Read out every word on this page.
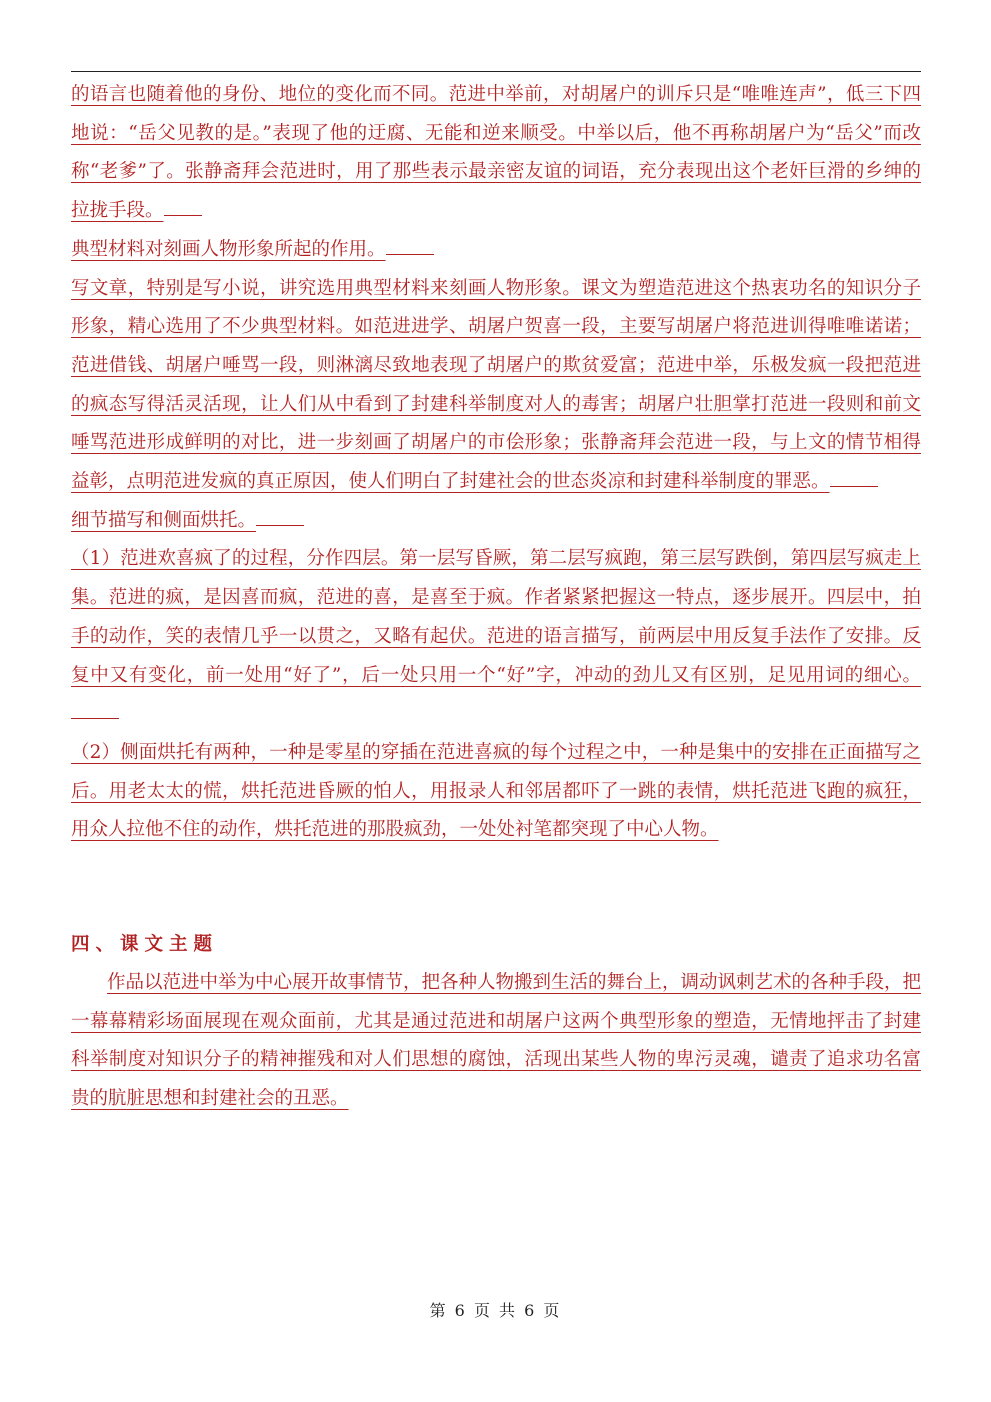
的语言也随着他的身份、地位的变化而不同。范进中举前，对胡屠户的训斥只是“唯唯连声”，低三下四地说：“岳父见教的是。”表现了他的迂腐、无能和逆来顺受。中举以后，他不再称胡屠户为“岳父”而改称“老爹”了。张静斋拜会范进时，用了那些表示最亲密友谊的词语，充分表现出这个老奸巨滑的乡绅的拉拢手段。

典型材料对刻画人物形象所起的作用。

写文章，特别是写小说，讲究选用典型材料来刻画人物形象。课文为塑造范进这个热衷功名的知识分子形象，精心选用了不少典型材料。如范进进学、胡屠户贺喜一段，主要写胡屠户将范进训得唯唯诺诺；范进借钱、胡屠户唾骂一段，则淋漓尽致地表现了胡屠户的欺贫爱富；范进中举，乐极发疯一段把范进的疯态写得活灵活现，让人们从中看到了封建科举制度对人的毒害；胡屠户壮胆掌打范进一段则和前文唾骂范进形成鲜明的对比，进一步刻画了胡屠户的市侩形象；张静斋拜会范进一段，与上文的情节相得益彰，点明范进发疯的真正原因，使人们明白了封建社会的世态炎凉和封建科举制度的罪恶。

细节描写和侧面烘托。

（1）范进欢喜疯了的过程，分作四层。第一层写昏厥，第二层写疯跑，第三层写跌倒，第四层写疯走上集。范进的疯，是因喜而疯，范进的喜，是喜至于疯。作者紧紧把握这一特点，逐步展开。四层中，拍手的动作，笑的表情几乎一以贯之，又略有起伏。范进的语言描写，前两层中用反复手法作了安排。反复中又有变化，前一处用“好了”，后一处只用一个“好”字，冲动的劲儿又有区别，足见用词的细心。

（2）侧面烘托有两种，一种是零星的穿插在范进喜疯的每个过程之中，一种是集中的安排在正面描写之后。用老太太的慌，烘托范进昏厥的怕人，用报录人和邻居都吓了一跳的表情，烘托范进飞跑的疯狂，用众人拉他不住的动作，烘托范进的那股疯劲，一处处衬笔都突现了中心人物。

四、课文主题

作品以范进中举为中心展开故事情节，把各种人物搬到生活的舞台上，调动讽刺艺术的各种手段，把一幕幕精彩场面展现在观众面前，尤其是通过范进和胡屠户这两个典型形象的塑造，无情地抨击了封建科举制度对知识分子的精神摧残和对人们思想的腐蚀，活现出某些人物的卑污灵魂，谴责了追求功名富贵的肮脏思想和封建社会的丑恶。

第 6 页 共 6 页
